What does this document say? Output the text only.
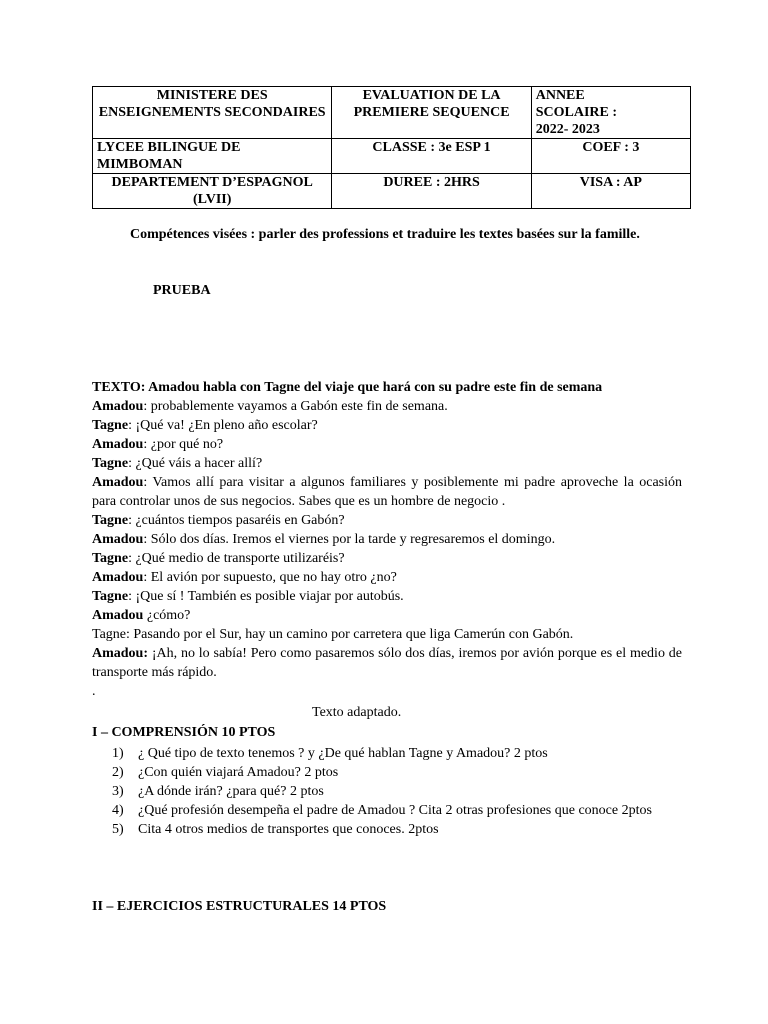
MINISTERE DES ENSEIGNEMENTS SECONDAIRES	EVALUATION DE LA PREMIERE SEQUENCE	ANNEE
SCOLAIRE :
2022- 2023

LYCEE BILINGUE DE MIMBOMAN	CLASSE : 3e ESP 1	COEF : 3
DEPARTEMENT D’ESPAGNOL (LVII)	DUREE : 2HRS	VISA : AP
Compétences visées : parler des professions et traduire les textes basées sur la famille.
PRUEBA

TEXTO: Amadou habla con Tagne del viaje que hará con su padre este fin de semana

Amadou: probablemente vayamos a Gabón este fin de semana.

Tagne: ¡Qué va! ¿En pleno año escolar?

Amadou: ¿por qué no?

Tagne: ¿Qué váis a hacer allí?

Amadou: Vamos allí para visitar a algunos familiares y posiblemente mi padre aproveche la ocasión para controlar unos de sus negocios. Sabes que es un hombre de negocio .

Tagne: ¿cuántos tiempos pasaréis en Gabón?

Amadou: Sólo dos días. Iremos el viernes por la tarde y regresaremos el domingo.

Tagne: ¿Qué medio de transporte utilizaréis?

Amadou: El avión por supuesto, que no hay otro ¿no?

Tagne: ¡Que sí ! También es posible viajar por autobús.

Amadou ¿cómo?

Tagne: Pasando por el Sur, hay un camino por carretera que liga Camerún con Gabón.

Amadou: ¡Ah, no lo sabía! Pero como pasaremos sólo dos días, iremos por avión porque es el medio de transporte más rápido.

.

Texto adaptado.
I – COMPRENSIÓN 10 PTOS
1) ¿ Qué tipo de texto tenemos ? y ¿De qué hablan Tagne y Amadou? 2 ptos
2) ¿Con quién viajará Amadou? 2 ptos
3) ¿A dónde irán? ¿para qué? 2 ptos
4) ¿Qué profesión desempeña el padre de Amadou ? Cita 2 otras profesiones que conoce 2ptos
5) Cita 4 otros medios de transportes que conoces. 2ptos
II – EJERCICIOS ESTRUCTURALES 14 PTOS
